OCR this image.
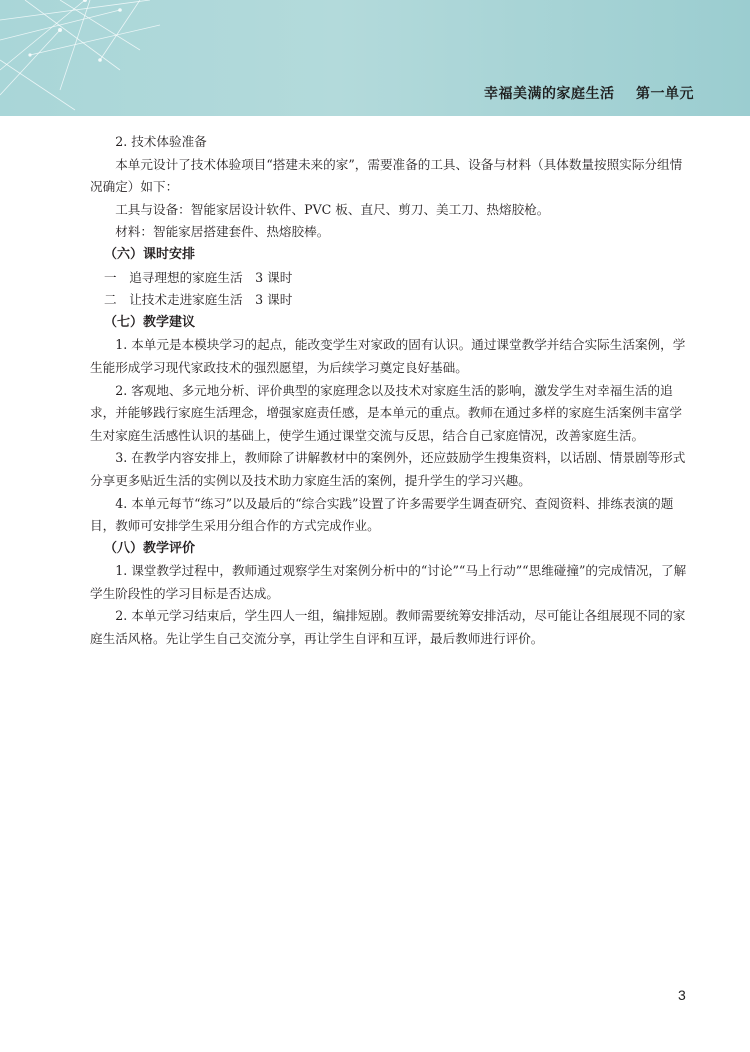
幸福美满的家庭生活 第一单元

2. 技术体验准备

本单元设计了技术体验项目“搭建未来的家”，需要准备的工具、设备与材料（具体数量按照实际分组情况确定）如下：

工具与设备：智能家居设计软件、PVC 板、直尺、剪刀、美工刀、热熔胶枪。

材料：智能家居搭建套件、热熔胶棒。

（六）课时安排

一　追寻理想的家庭生活　3 课时

二　让技术走进家庭生活　3 课时

（七）教学建议

1. 本单元是本模块学习的起点，能改变学生对家政的固有认识。通过课堂教学并结合实际生活案例，学生能形成学习现代家政技术的强烈愿望，为后续学习奠定良好基础。

2. 客观地、多元地分析、评价典型的家庭理念以及技术对家庭生活的影响，激发学生对幸福生活的追求，并能够践行家庭生活理念，增强家庭责任感，是本单元的重点。教师在通过多样的家庭生活案例丰富学生对家庭生活感性认识的基础上，使学生通过课堂交流与反思，结合自己家庭情况，改善家庭生活。

3. 在教学内容安排上，教师除了讲解教材中的案例外，还应鼓励学生搜集资料，以话剧、情景剧等形式分享更多贴近生活的实例以及技术助力家庭生活的案例，提升学生的学习兴趣。

4. 本单元每节“练习”以及最后的“综合实践”设置了许多需要学生调查研究、查阅资料、排练表演的题目，教师可安排学生采用分组合作的方式完成作业。

（八）教学评价

1. 课堂教学过程中，教师通过观察学生对案例分析中的“讨论”“马上行动”“思维碰撞”的完成情况，了解学生阶段性的学习目标是否达成。

2. 本单元学习结束后，学生四人一组，编排短剧。教师需要统筹安排活动，尽可能让各组展现不同的家庭生活风格。先让学生自己交流分享，再让学生自评和互评，最后教师进行评价。

3
